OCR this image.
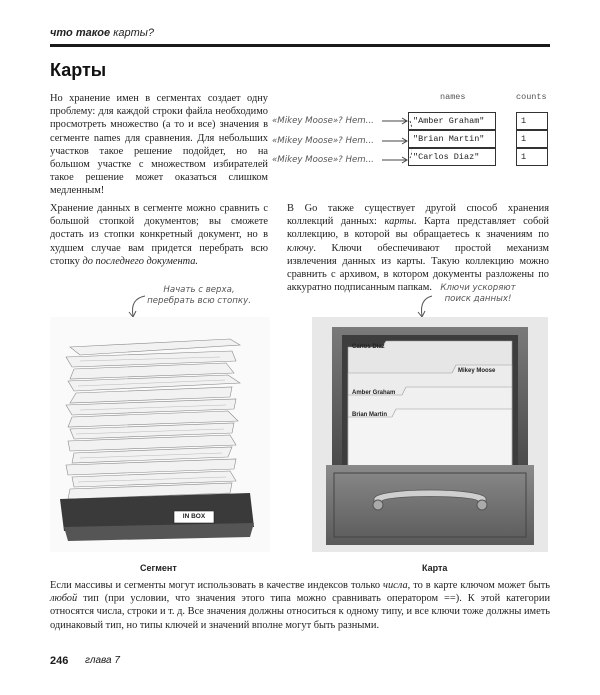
что такое карты?
Карты
Но хранение имен в сегментах создает одну проблему: для каждой строки файла необходимо просмотреть множество (а то и все) значения в сегменте names для сравнения. Для небольших участков такое решение подойдет, но на большом участке с множеством избирателей такое решение может оказаться слишком медленным!
Хранение данных в сегменте можно сравнить с большой стопкой документов; вы сможете достать из стопки конкретный документ, но в худшем случае вам придется перебрать всю стопку до последнего документа.
names	counts
«Mikey Moose»? Hem...
«Mikey Moose»? Hem...
«Mikey Moose»? Hem...
"Amber Graham"
"Brian Martin"
"Carlos Diaz"
1
1
1
В Go также существует другой способ хранения коллекций данных: карты. Карта представляет собой коллекцию, в которой вы обращаетесь к значениям по ключу. Ключи обеспечивают простой механизм извлечения данных из карты. Такую коллекцию можно сравнить с архивом, в котором документы разложены по аккуратно подписанным папкам.
Начать с верха, перебрать всю стопку.
Ключи ускоряют поиск данных!
IN BOX
Сегмент
Carlos Diaz
Mikey Moose
Amber Graham
Brian Martin
Карта
Если массивы и сегменты могут использовать в качестве индексов только числа, то в карте ключом может быть любой тип (при условии, что значения этого типа можно сравнивать оператором ==). К этой категории относятся числа, строки и т. д. Все значения должны относиться к одному типу, и все ключи тоже должны иметь одинаковый тип, но типы ключей и значений вполне могут быть разными.
246 глава 7
